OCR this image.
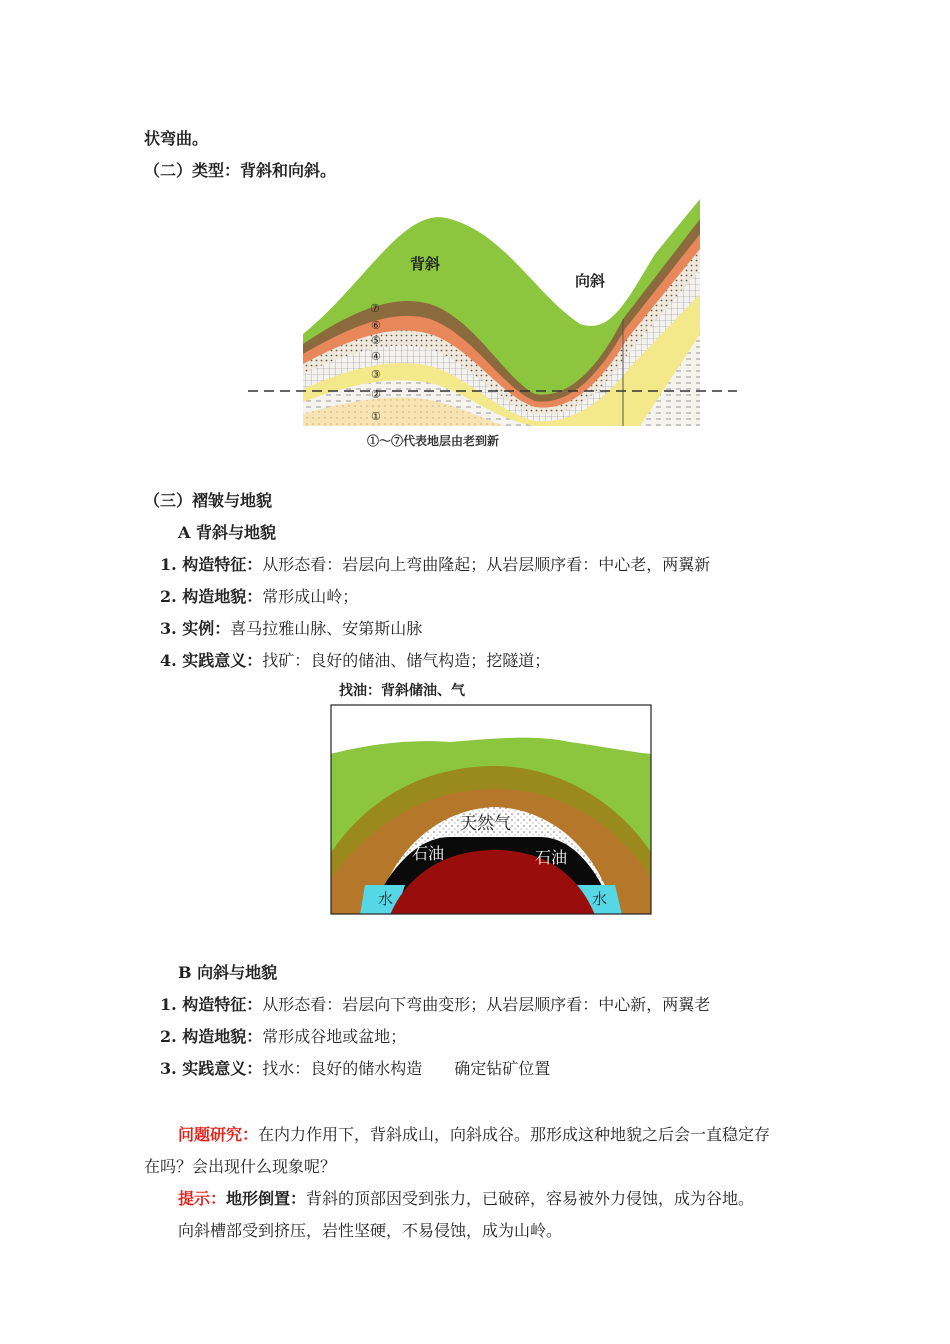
状弯曲。
（二）类型：背斜和向斜。
背斜
向斜
⑦
⑥
⑤
④
③
②
①
①～⑦代表地层由老到新
（三）褶皱与地貌
A 背斜与地貌
1. 构造特征：从形态看：岩层向上弯曲隆起；从岩层顺序看：中心老，两翼新
2. 构造地貌：常形成山岭；
3. 实例：喜马拉雅山脉、安第斯山脉
4. 实践意义：找矿：良好的储油、储气构造；挖隧道；
找油：背斜储油、气
天然气
石油	石油
水	水
B 向斜与地貌
1. 构造特征：从形态看：岩层向下弯曲变形；从岩层顺序看：中心新，两翼老
2. 构造地貌：常形成谷地或盆地；
3. 实践意义：找水：良好的储水构造　　确定钻矿位置
问题研究：在内力作用下，背斜成山，向斜成谷。那形成这种地貌之后会一直稳定存
在吗？会出现什么现象呢？
提示：地形倒置：背斜的顶部因受到张力，已破碎，容易被外力侵蚀，成为谷地。
向斜槽部受到挤压，岩性坚硬，不易侵蚀，成为山岭。
